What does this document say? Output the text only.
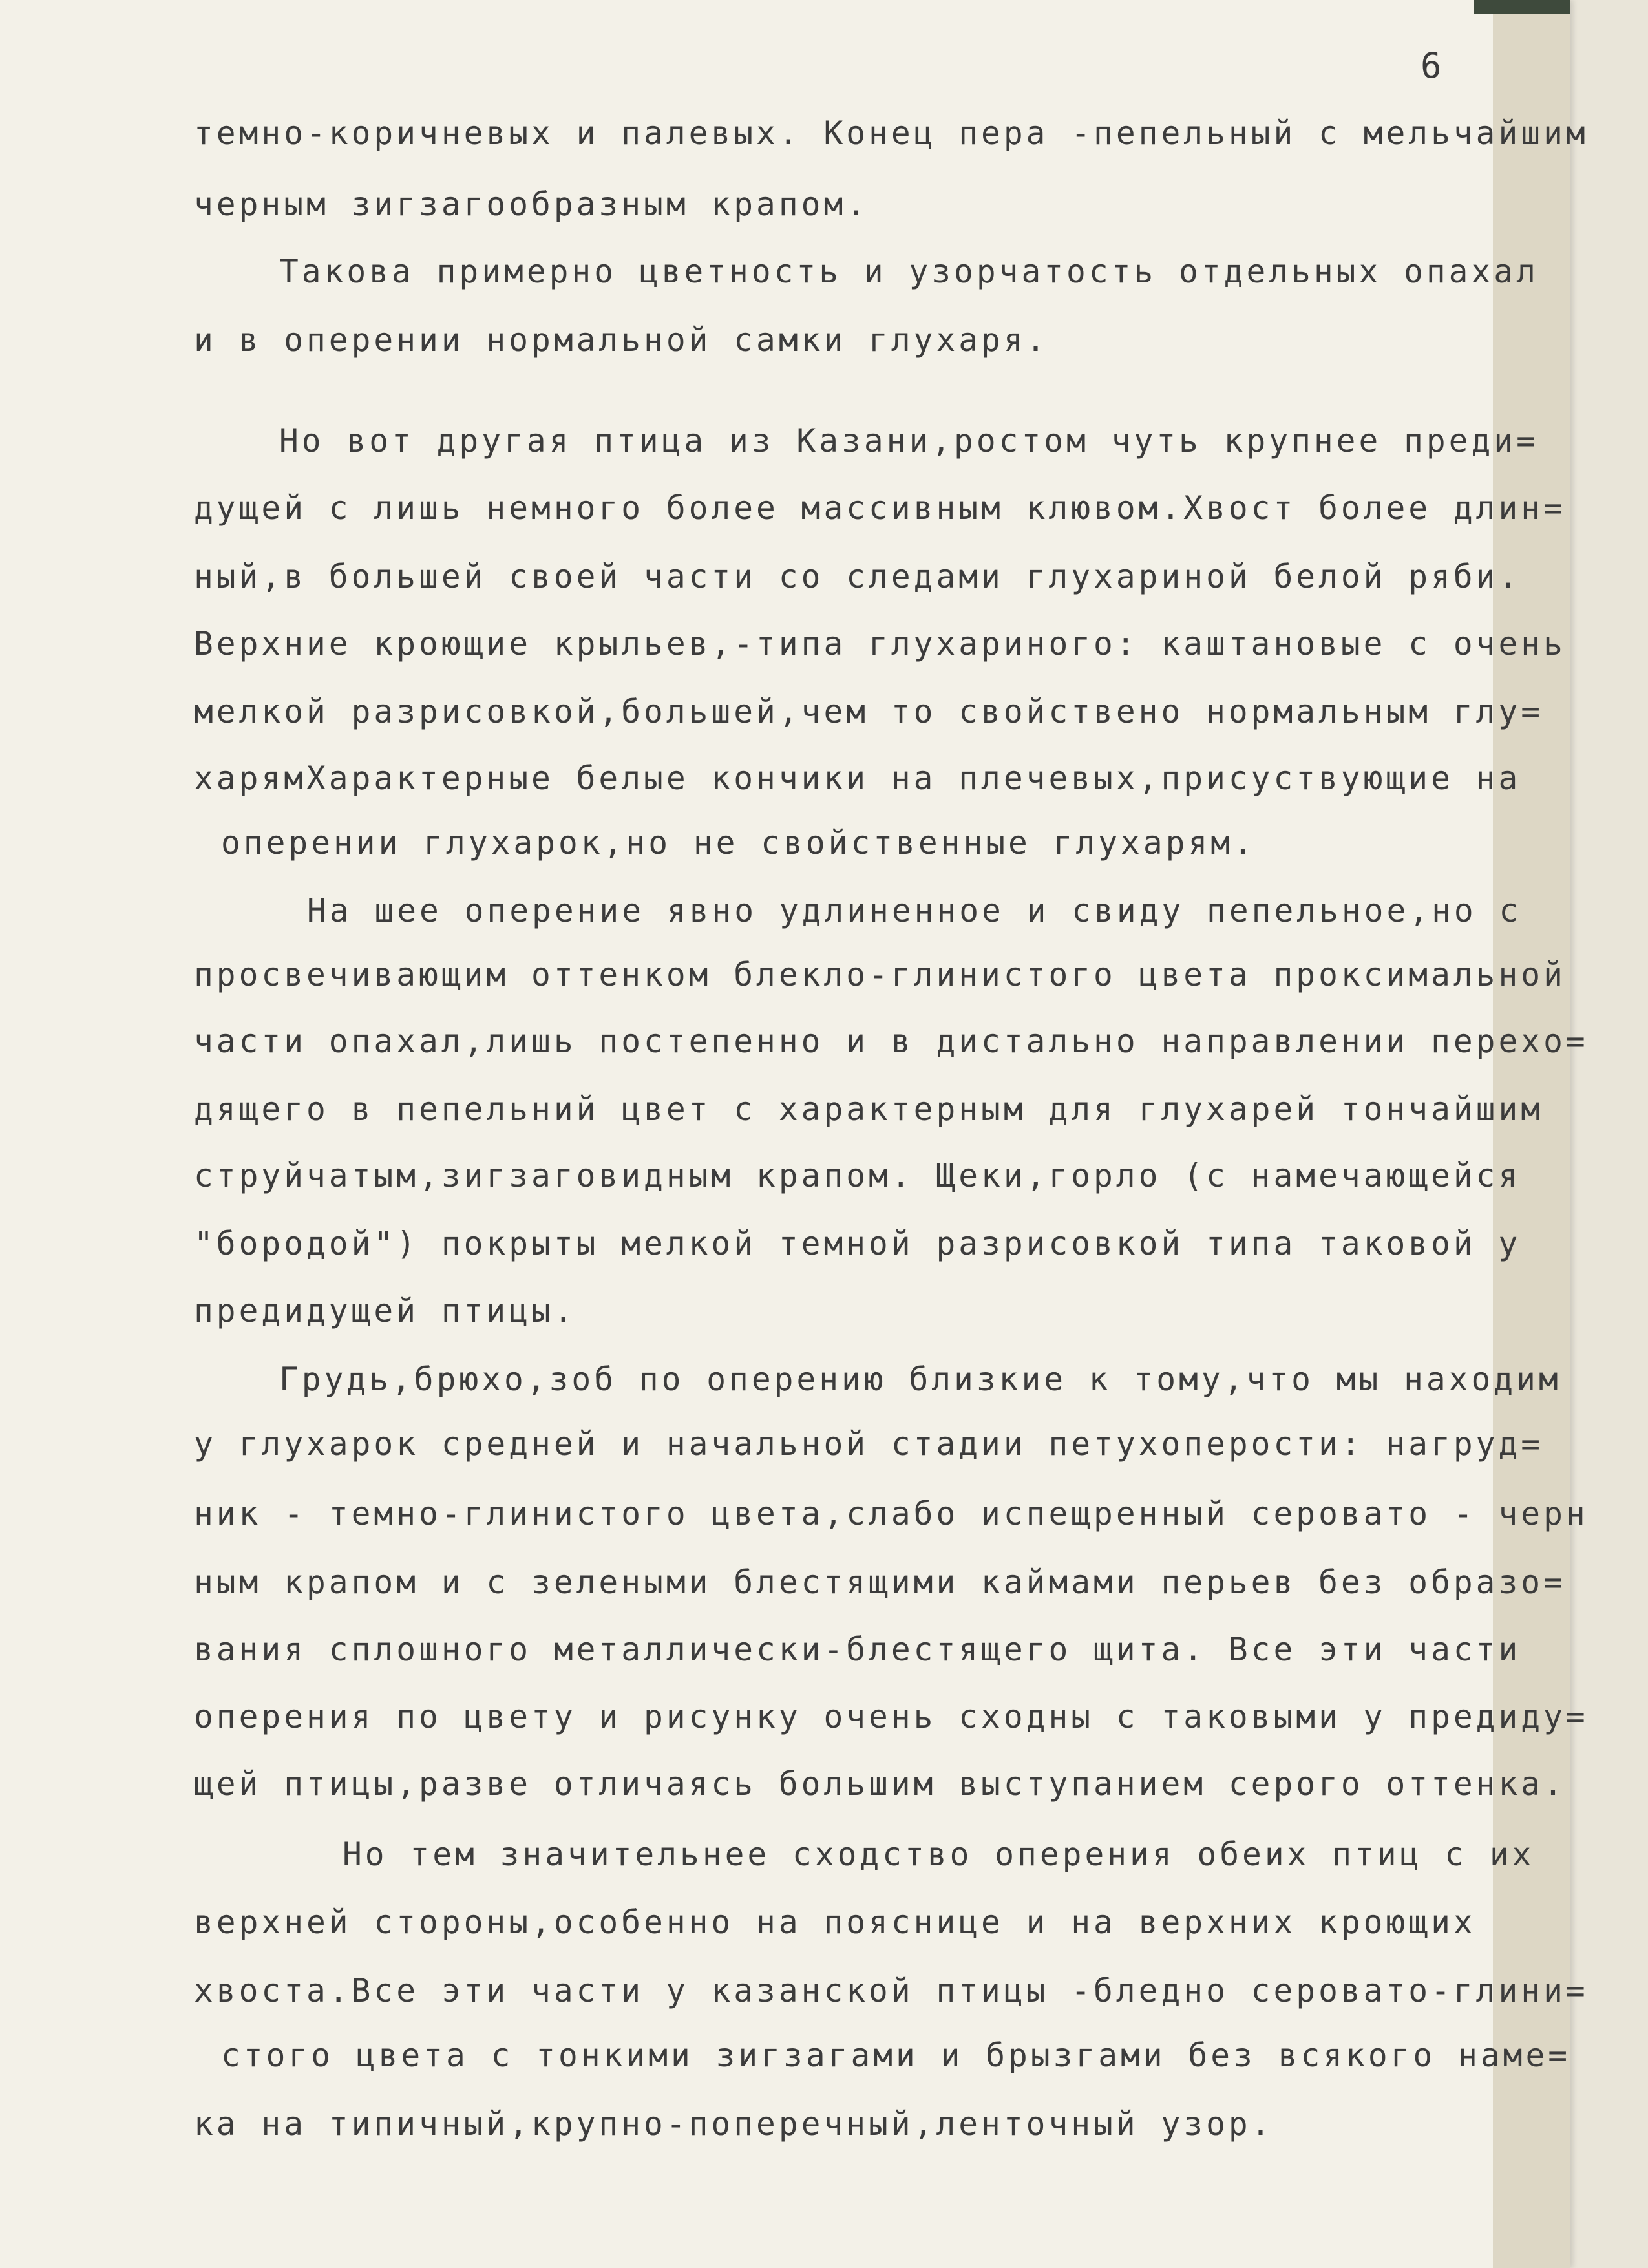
6
темно-коричневых и палевых. Конец пера -пепельный с мельчайшим
черным зигзагообразным крапом.
Такова примерно цветность и узорчатость отдельных опахал
и в оперении нормальной самки глухаря.
Но вот другая птица из Казани,ростом чуть крупнее преди=
дущей с лишь немного более массивным клювом.Хвост более длин=
ный,в большей своей части со следами глухариной белой ряби.
Верхние кроющие крыльев,-типа глухариного: каштановые с очень
мелкой разрисовкой,большей,чем то свойствено нормальным глу=
харямХарактерные белые кончики на плечевых,присуствующие на
оперении глухарок,но не свойственные глухарям.
На шее оперение явно удлиненное и свиду пепельное,но с
просвечивающим оттенком блекло-глинистого цвета проксимальной
части опахал,лишь постепенно и в дистально направлении перехо=
дящего в пепельний цвет с характерным для глухарей тончайшим
струйчатым,зигзаговидным крапом. Щеки,горло (с намечающейся
"бородой") покрыты мелкой темной разрисовкой типа таковой у
предидущей птицы.
Грудь,брюхо,зоб по оперению близкие к тому,что мы находим
у глухарок средней и начальной стадии петухоперости: нагруд=
ник - темно-глинистого цвета,слабо испещренный серовато - черн
ным крапом и с зелеными блестящими каймами перьев без образо=
вания сплошного металлически-блестящего щита. Все эти части
оперения по цвету и рисунку очень сходны с таковыми у предиду=
щей птицы,разве отличаясь большим выступанием серого оттенка.
Но тем значительнее сходство оперения обеих птиц с их
верхней стороны,особенно на пояснице и на верхних кроющих
хвоста.Все эти части у казанской птицы -бледно серовато-глини=
стого цвета с тонкими зигзагами и брызгами без всякого наме=
ка на типичный,крупно-поперечный,ленточный узор.
